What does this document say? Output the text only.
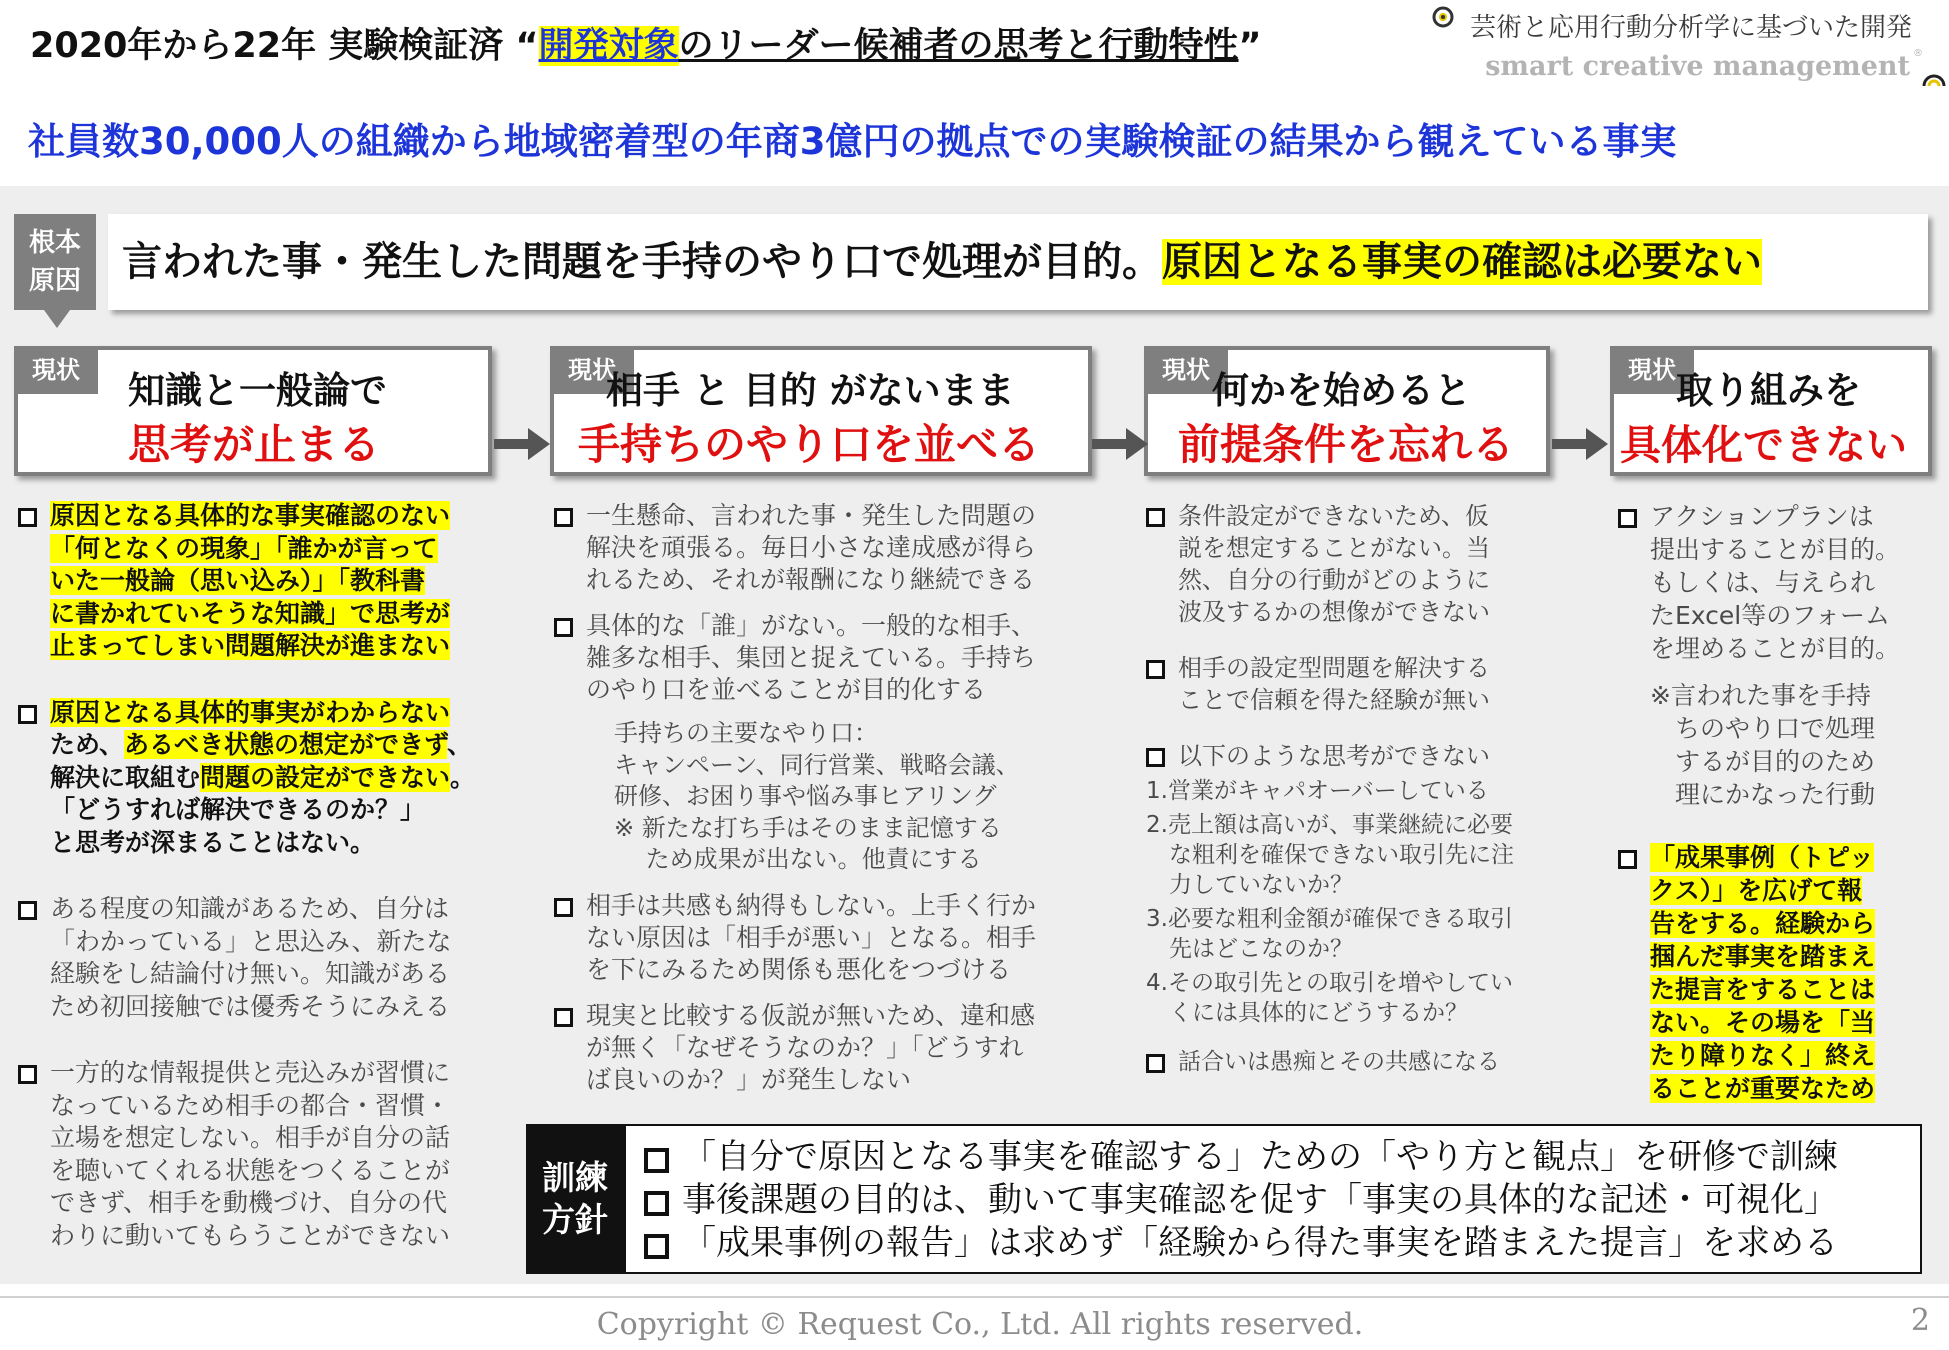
2020年から22年 実験検証済 “開発対象のリーダー候補者の思考と行動特性”	芸術と応用行動分析学に基づいた開発
smart creative management ®
社員数30,000人の組織から地域密着型の年商3億円の拠点での実験検証の結果から観えている事実
根本
原因	言われた事・発生した問題を手持のやり口で処理が目的。原因となる事実の確認は必要ない
現状	知識と一般論で
思考が止まる
現状
相手 と 目的 がないまま
手持ちのやり口を並べる
現状 何かを始めると
前提条件を忘れる
現状 取り組みを
具体化できない

原因となる具体的な事実確認のない

「何となくの現象」「誰かが言って

いた一般論（思い込み）」「教科書

に書かれていそうな知識」で思考が

止まってしまい問題解決が進まない

原因となる具体的事実がわからない

ため、あるべき状態の想定ができず、

解決に取組む問題の設定ができない。

「どうすれば解決できるのか？」

と思考が深まることはない。

ある程度の知識があるため、自分は

「わかっている」と思込み、新たな

経験をし結論付け無い。知識がある

ため初回接触では優秀そうにみえる

一方的な情報提供と売込みが習慣に

なっているため相手の都合・習慣・

立場を想定しない。相手が自分の話

を聴いてくれる状態をつくることが

できず、相手を動機づけ、自分の代

わりに動いてもらうことができない

一生懸命、言われた事・発生した問題の

解決を頑張る。毎日小さな達成感が得ら

れるため、それが報酬になり継続できる

具体的な「誰」がない。一般的な相手、

雑多な相手、集団と捉えている。手持ち

のやり口を並べることが目的化する

手持ちの主要なやり口：

キャンペーン、同行営業、戦略会議、

研修、お困り事や悩み事ヒアリング

※ 新たな打ち手はそのまま記憶する

　 ため成果が出ない。他責にする

相手は共感も納得もしない。上手く行か

ない原因は「相手が悪い」となる。相手

を下にみるため関係も悪化をつづける

現実と比較する仮説が無いため、違和感

が無く「なぜそうなのか？」「どうすれ

ば良いのか？」が発生しない

条件設定ができないため、仮

説を想定することがない。当

然、自分の行動がどのように

波及するかの想像ができない

相手の設定型問題を解決する

ことで信頼を得た経験が無い

以下のような思考ができない

1.営業がキャパオーバーしている

2.売上額は高いが、事業継続に必要

　な粗利を確保できない取引先に注

　力していないか？

3.必要な粗利金額が確保できる取引

　先はどこなのか？

4.その取引先との取引を増やしてい

　くには具体的にどうするか？

話合いは愚痴とその共感になる

アクションプランは

提出することが目的。

もしくは、与えられ

たExcel等のフォーム

を埋めることが目的。

※言われた事を手持

　ちのやり口で処理

　するが目的のため

　理にかなった行動

「成果事例（トピッ

クス）」を広げて報

告をする。経験から

掴んだ事実を踏まえ

た提言をすることは

ない。その場を「当

たり障りなく」終え

ることが重要なため

訓練
方針
「自分で原因となる事実を確認する」ための「やり方と観点」を研修で訓練
事後課題の目的は、動いて事実確認を促す「事実の具体的な記述・可視化」
「成果事例の報告」は求めず「経験から得た事実を踏まえた提言」を求める
Copyright © Request Co., Ltd. All rights reserved.	2
